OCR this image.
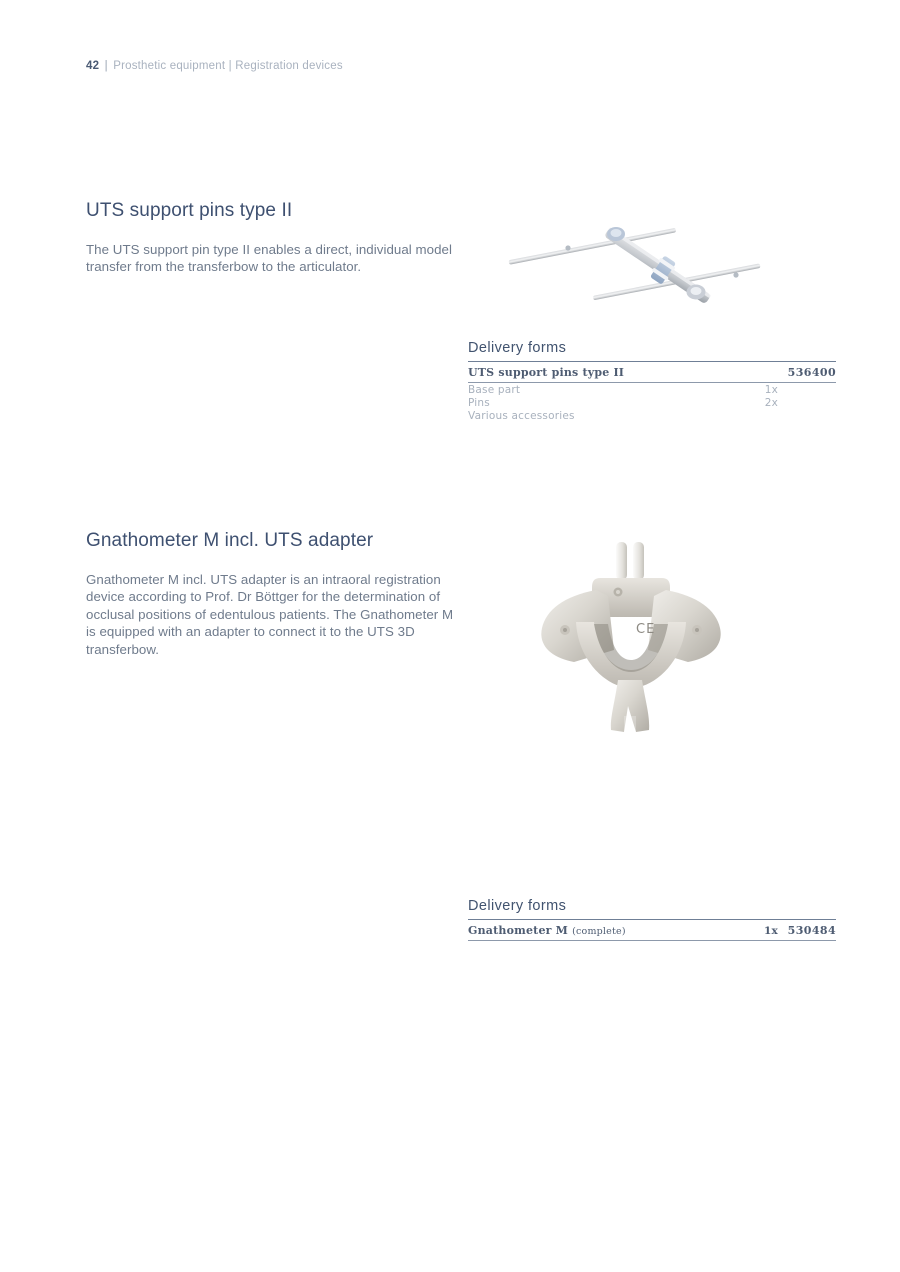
42 | Prosthetic equipment | Registration devices
UTS support pins type II

The UTS support pin type II enables a direct, individual model transfer from the transferbow to the articulator.

Delivery forms
UTS support pins type II	536400
Base part	1x
Pins	2x
Various accessories
Gnathometer M incl. UTS adapter

Gnathometer M incl. UTS adapter is an intraoral registration device according to Prof. Dr Böttger for the determination of occlusal positions of edentulous patients. The Gnathometer M is equipped with an adapter to connect it to the UTS 3D transferbow.

CE
Delivery forms
Gnathometer M (complete)	1x 530484
